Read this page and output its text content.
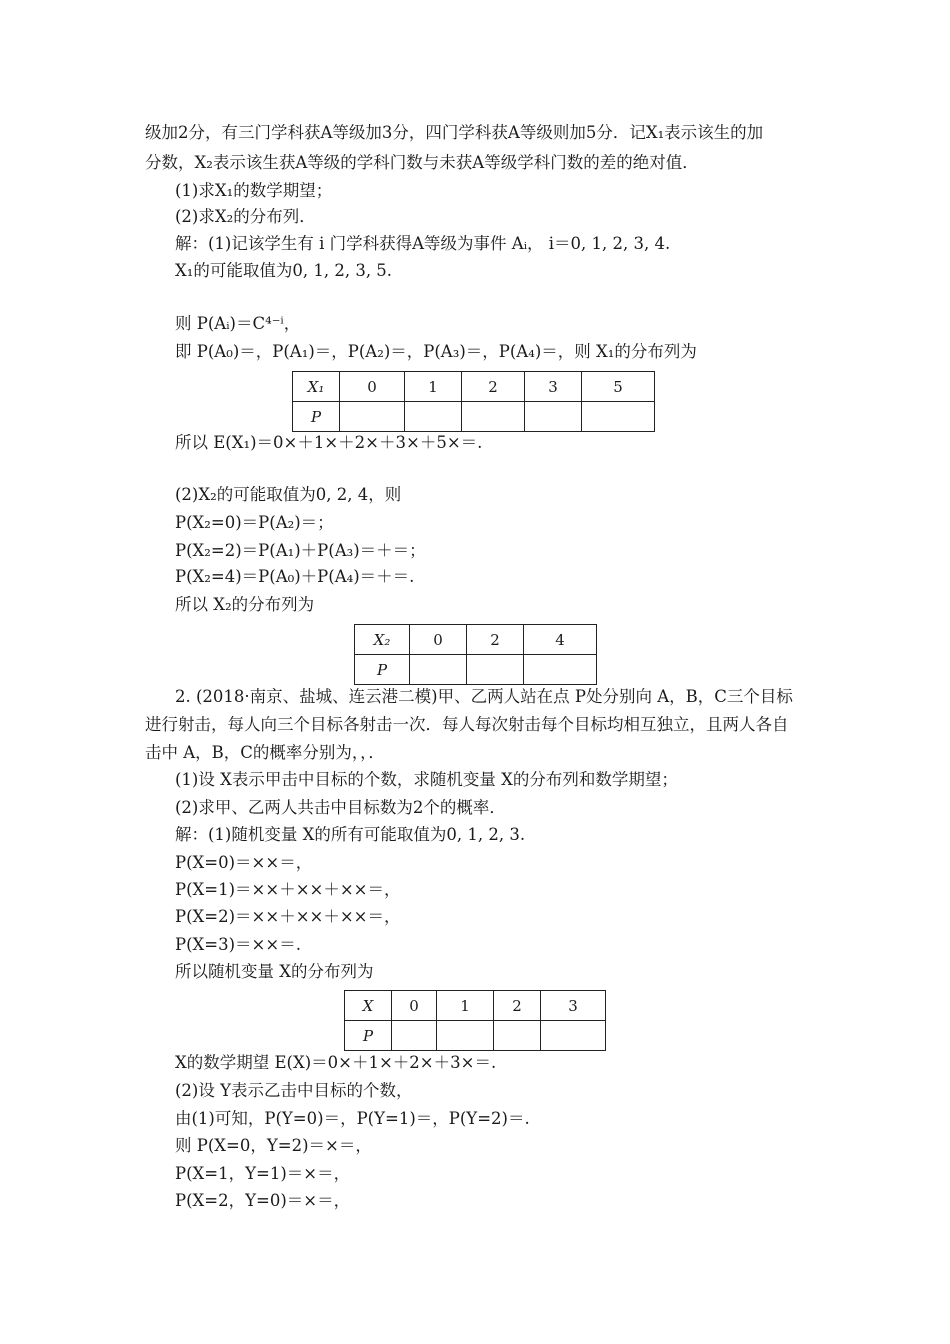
级加2分，有三门学科获A等级加3分，四门学科获A等级则加5分．记X₁表示该生的加
分数，X₂表示该生获A等级的学科门数与未获A等级学科门数的差的绝对值．
(1)求X₁的数学期望；
(2)求X₂的分布列．
解：(1)记该学生有 i 门学科获得A等级为事件 Aᵢ， i＝0, 1, 2, 3, 4.
X₁的可能取值为0, 1, 2, 3, 5.
则 P(Aᵢ)＝C⁴⁻ⁱ，
即 P(A₀)＝，P(A₁)＝，P(A₂)＝，P(A₃)＝，P(A₄)＝，则 X₁的分布列为
X₁	0	1	2	3	5
P					
所以 E(X₁)＝0×＋1×＋2×＋3×＋5×＝.
(2)X₂的可能取值为0, 2, 4，则
P(X₂=0)＝P(A₂)＝；
P(X₂=2)＝P(A₁)＋P(A₃)＝＋＝；
P(X₂=4)＝P(A₀)＋P(A₄)＝＋＝.
所以 X₂的分布列为
X₂	0	2	4
P			
2. (2018·南京、盐城、连云港二模)甲、乙两人站在点 P处分别向 A，B，C三个目标
进行射击，每人向三个目标各射击一次．每人每次射击每个目标均相互独立，且两人各自
击中 A，B，C的概率分别为，，．
(1)设 X表示甲击中目标的个数，求随机变量 X的分布列和数学期望；
(2)求甲、乙两人共击中目标数为2个的概率．
解：(1)随机变量 X的所有可能取值为0, 1, 2, 3.
P(X=0)＝××＝，
P(X=1)＝××＋××＋××＝，
P(X=2)＝××＋××＋××＝，
P(X=3)＝××＝.
所以随机变量 X的分布列为
X	0	1	2	3
P				
X的数学期望 E(X)＝0×＋1×＋2×＋3×＝.
(2)设 Y表示乙击中目标的个数，
由(1)可知，P(Y=0)＝，P(Y=1)＝，P(Y=2)＝.
则 P(X=0，Y=2)＝×＝，
P(X=1，Y=1)＝×＝，
P(X=2，Y=0)＝×＝，
